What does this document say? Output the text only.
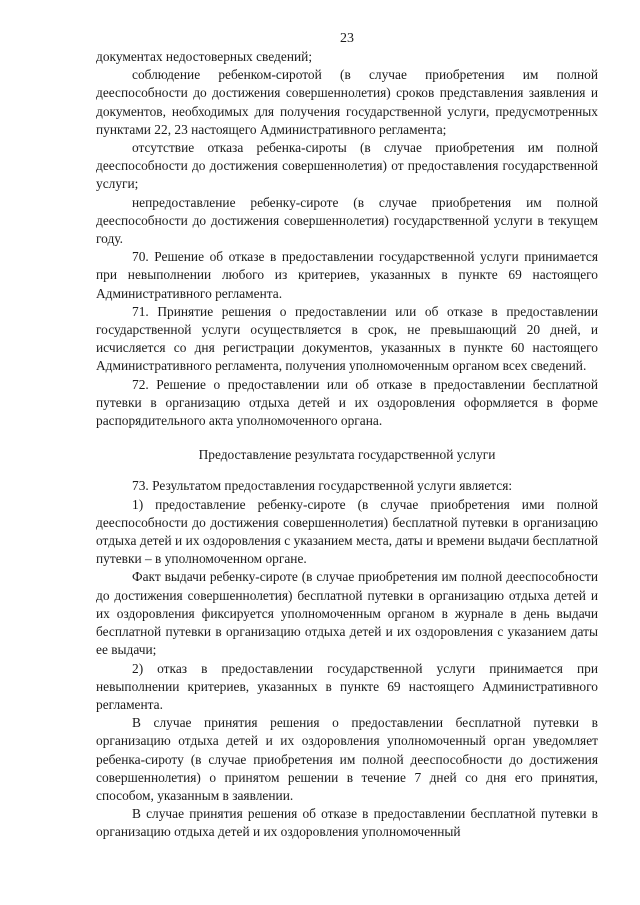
23

документах недостоверных сведений;

соблюдение ребенком-сиротой (в случае приобретения им полной дееспособности до достижения совершеннолетия) сроков представления заявления и документов, необходимых для получения государственной услуги, предусмотренных пунктами 22, 23 настоящего Административного регламента;

отсутствие отказа ребенка-сироты (в случае приобретения им полной дееспособности до достижения совершеннолетия) от предоставления государственной услуги;

непредоставление ребенку-сироте (в случае приобретения им полной дееспособности до достижения совершеннолетия) государственной услуги в текущем году.

70. Решение об отказе в предоставлении государственной услуги принимается при невыполнении любого из критериев, указанных в пункте 69 настоящего Административного регламента.

71. Принятие решения о предоставлении или об отказе в предоставлении государственной услуги осуществляется в срок, не превышающий 20 дней, и исчисляется со дня регистрации документов, указанных в пункте 60 настоящего Административного регламента, получения уполномоченным органом всех сведений.

72. Решение о предоставлении или об отказе в предоставлении бесплатной путевки в организацию отдыха детей и их оздоровления оформляется в форме распорядительного акта уполномоченного органа.

Предоставление результата государственной услуги

73. Результатом предоставления государственной услуги является:

1) предоставление ребенку-сироте (в случае приобретения ими полной дееспособности до достижения совершеннолетия) бесплатной путевки в организацию отдыха детей и их оздоровления с указанием места, даты и времени выдачи бесплатной путевки – в уполномоченном органе.

Факт выдачи ребенку-сироте (в случае приобретения им полной дееспособности до достижения совершеннолетия) бесплатной путевки в организацию отдыха детей и их оздоровления фиксируется уполномоченным органом в журнале в день выдачи бесплатной путевки в организацию отдыха детей и их оздоровления с указанием даты ее выдачи;

2) отказ в предоставлении государственной услуги принимается при невыполнении критериев, указанных в пункте 69 настоящего Административного регламента.

В случае принятия решения о предоставлении бесплатной путевки в организацию отдыха детей и их оздоровления уполномоченный орган уведомляет ребенка-сироту (в случае приобретения им полной дееспособности до достижения совершеннолетия) о принятом решении в течение 7 дней со дня его принятия, способом, указанным в заявлении.

В случае принятия решения об отказе в предоставлении бесплатной путевки в организацию отдыха детей и их оздоровления уполномоченный
